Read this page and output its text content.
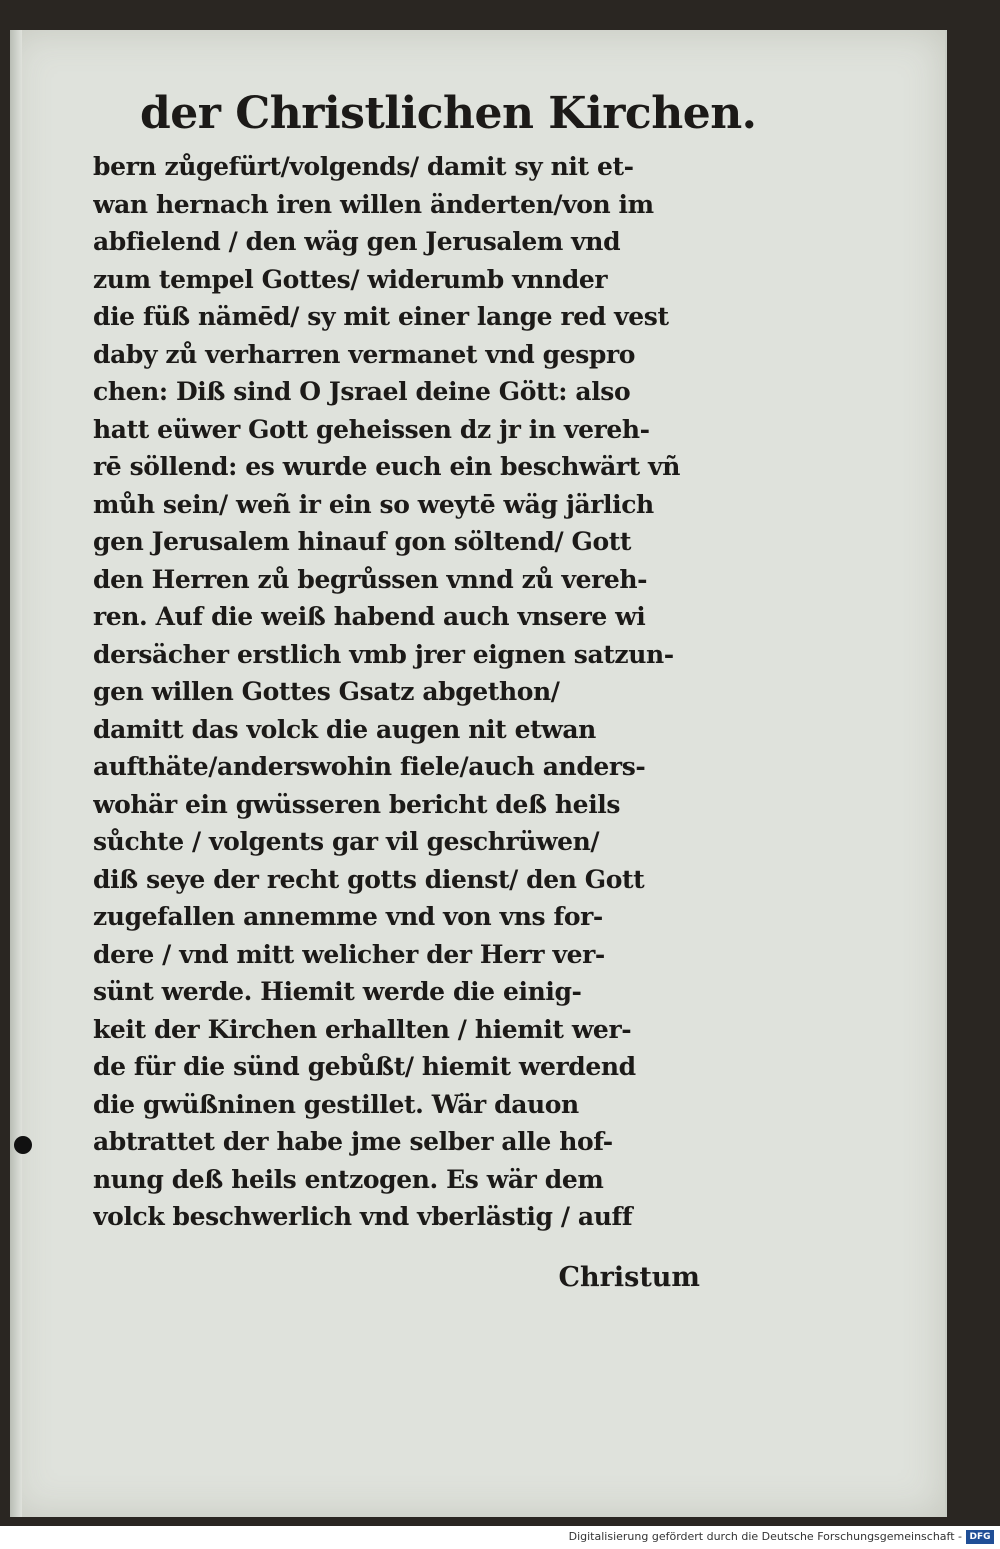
der Christlichen Kirchen.
bern zůgefürt/volgends/ damit sy nit et-
wan hernach iren willen änderten/von im
abfielend / den wäg gen Jerusalem vnd
zum tempel Gottes/ widerumb vnnder
die füß nämēd/ sy mit einer lange red vest
daby zů verharren vermanet vnd gespro
chen: Diß sind O Jsrael deine Gött: also
hatt eüwer Gott geheissen dz jr in vereh-
rē söllend: es wurde euch ein beschwärt vñ
můh sein/ weñ ir ein so weytē wäg järlich
gen Jerusalem hinauf gon söltend/ Gott
den Herren zů begrůssen vnnd zů vereh-
ren. Auf die weiß habend auch vnsere wi
dersächer erstlich vmb jrer eignen satzun-
gen willen Gottes Gsatz abgethon/
damitt das volck die augen nit etwan
aufthäte/anderswohin fiele/auch anders-
wohär ein gwüsseren bericht deß heils
sůchte / volgents gar vil geschrüwen/
diß seye der recht gotts dienst/ den Gott
zugefallen annemme vnd von vns for-
dere / vnd mitt welicher der Herr ver-
sünt werde. Hiemit werde die einig-
keit der Kirchen erhallten / hiemit wer-
de für die sünd gebůßt/ hiemit werdend
die gwüßninen gestillet. Wär dauon
abtrattet der habe jme selber alle hof-
nung deß heils entzogen. Es wär dem
volck beschwerlich vnd vberlästig / auff
Christum
Digitalisierung gefördert durch die Deutsche Forschungsgemeinschaft - DFG
